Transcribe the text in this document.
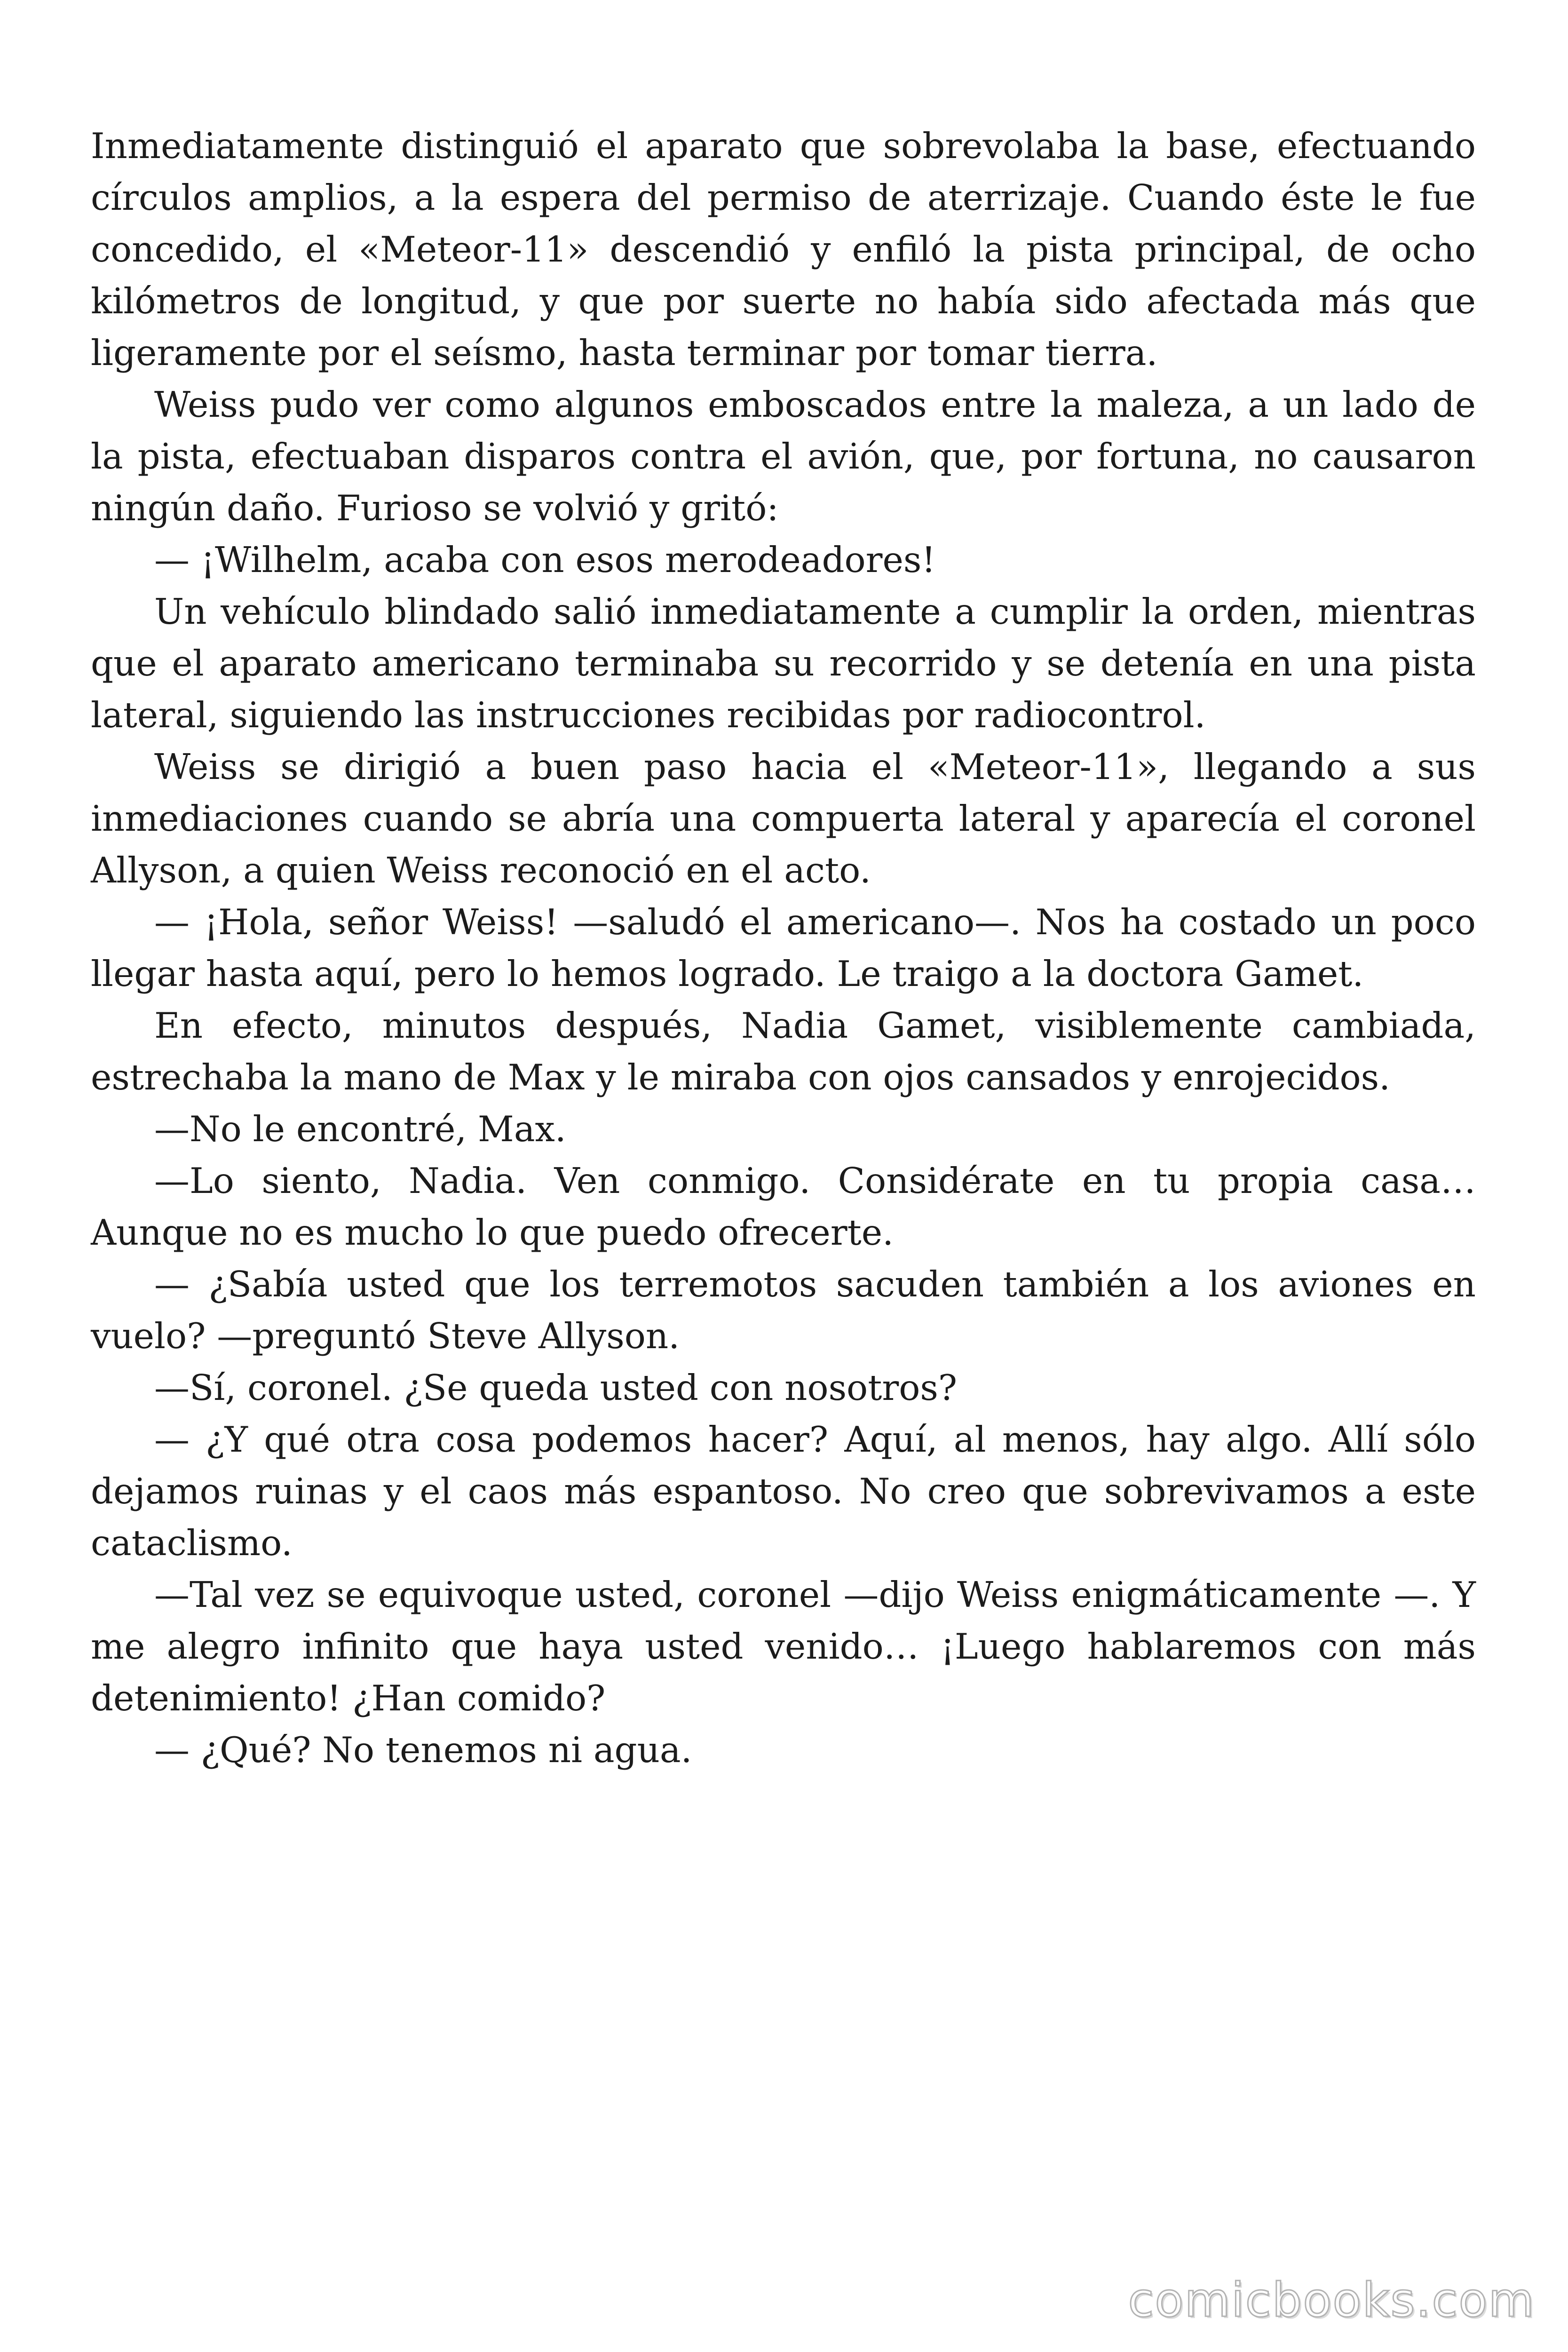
Inmediatamente distinguió el aparato que sobrevolaba la base, efectuando círculos amplios, a la espera del permiso de aterrizaje. Cuando éste le fue concedido, el «Meteor-11» descendió y enfiló la pista principal, de ocho kilómetros de longitud, y que por suerte no había sido afectada más que ligeramente por el seísmo, hasta terminar por tomar tierra.

Weiss pudo ver como algunos emboscados entre la maleza, a un lado de la pista, efectuaban disparos contra el avión, que, por fortuna, no causaron ningún daño. Furioso se volvió y gritó:

— ¡Wilhelm, acaba con esos merodeadores!

Un vehículo blindado salió inmediatamente a cumplir la orden, mientras que el aparato americano terminaba su recorrido y se detenía en una pista lateral, siguiendo las instrucciones recibidas por radiocontrol.

Weiss se dirigió a buen paso hacia el «Meteor-11», llegando a sus inmediaciones cuando se abría una compuerta lateral y aparecía el coronel Allyson, a quien Weiss reconoció en el acto.

— ¡Hola, señor Weiss! —saludó el americano—. Nos ha costado un poco llegar hasta aquí, pero lo hemos logrado. Le traigo a la doctora Gamet.

En efecto, minutos después, Nadia Gamet, visiblemente cambiada, estrechaba la mano de Max y le miraba con ojos cansados y enrojecidos.

—No le encontré, Max.

—Lo siento, Nadia. Ven conmigo. Considérate en tu propia casa… Aunque no es mucho lo que puedo ofrecerte.

— ¿Sabía usted que los terremotos sacuden también a los aviones en vuelo? —preguntó Steve Allyson.

—Sí, coronel. ¿Se queda usted con nosotros?

— ¿Y qué otra cosa podemos hacer? Aquí, al menos, hay algo. Allí sólo dejamos ruinas y el caos más espantoso. No creo que sobrevivamos a este cataclismo.

—Tal vez se equivoque usted, coronel —dijo Weiss enigmáticamente —. Y me alegro infinito que haya usted venido… ¡Luego hablaremos con más detenimiento! ¿Han comido?

— ¿Qué? No tenemos ni agua.

comicbooks.com
